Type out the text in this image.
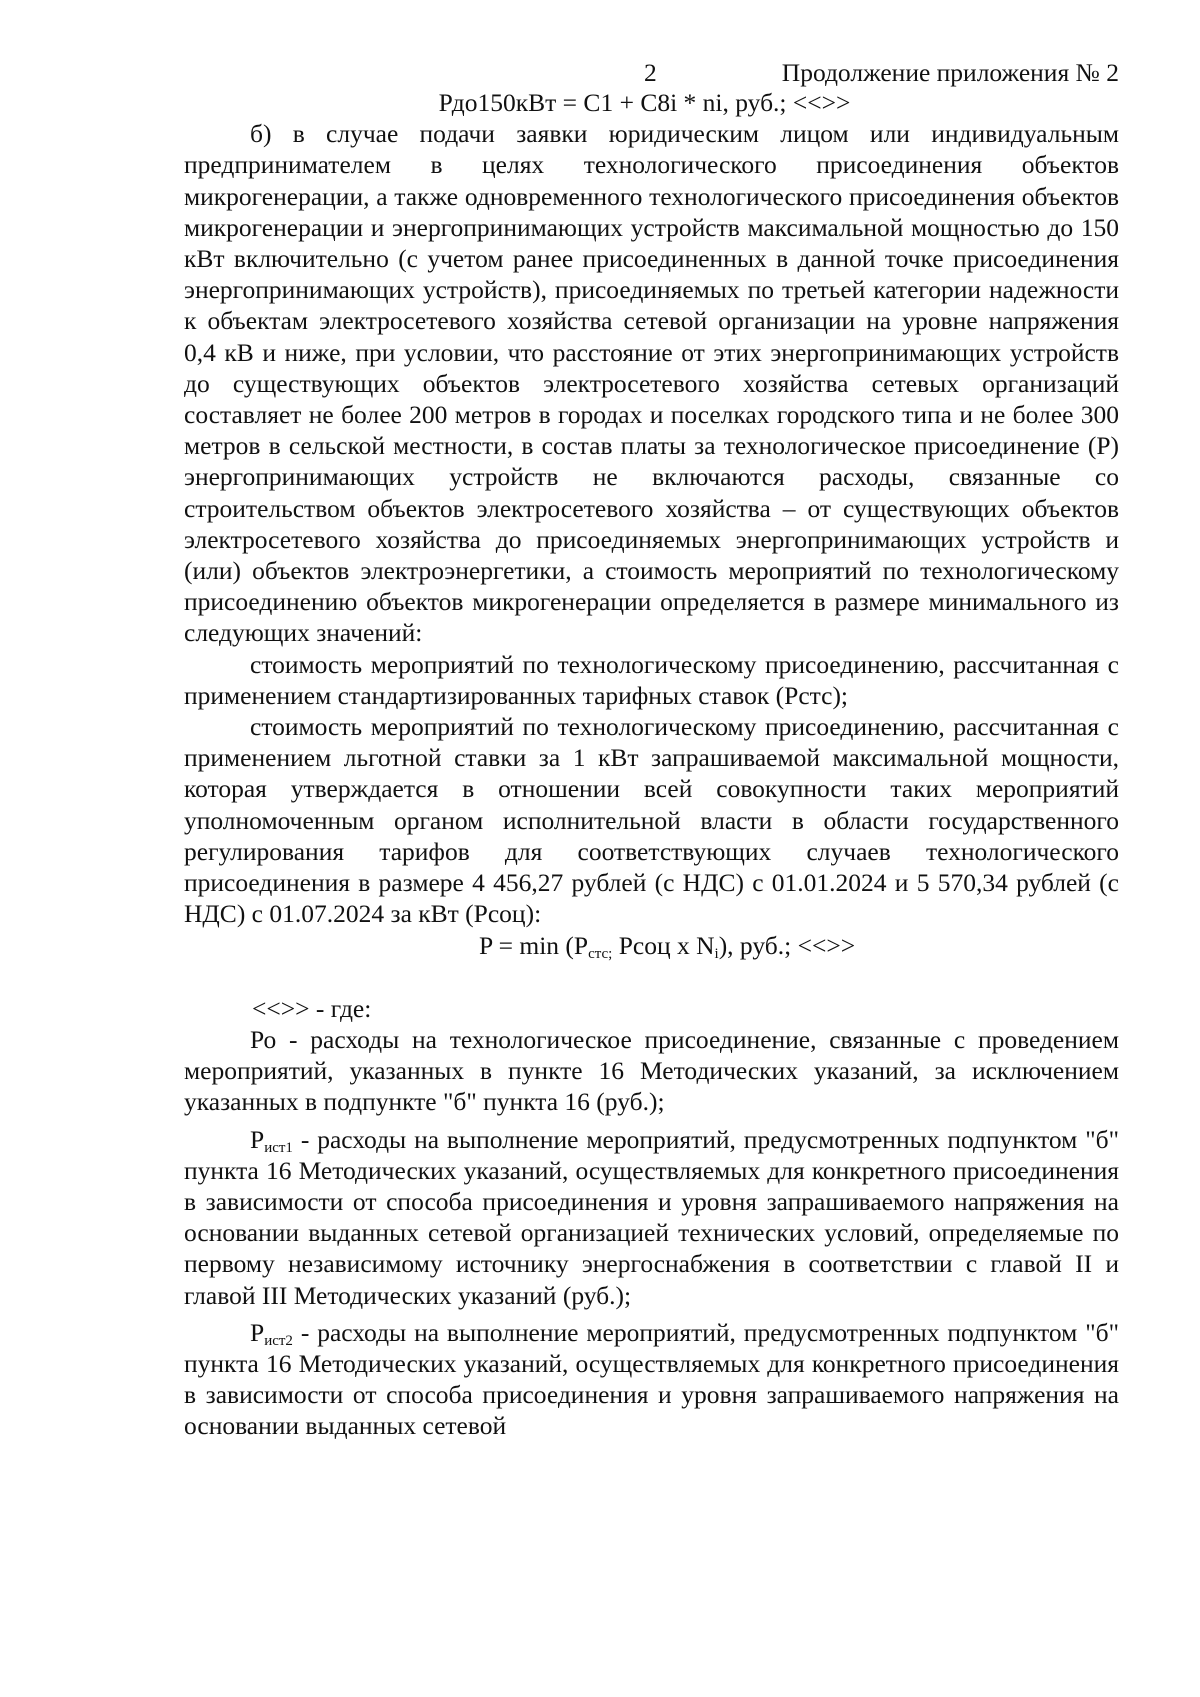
2	Продолжение приложения № 2
Рдо150кВт = С1 + С8i * ni, руб.; <<>>

б) в случае подачи заявки юридическим лицом или индивидуальным предпринимателем в целях технологического присоединения объектов микрогенерации, а также одновременного технологического присоединения объектов микрогенерации и энергопринимающих устройств максимальной мощностью до 150 кВт включительно (с учетом ранее присоединенных в данной точке присоединения энергопринимающих устройств), присоединяемых по третьей категории надежности к объектам электросетевого хозяйства сетевой организации на уровне напряжения 0,4 кВ и ниже, при условии, что расстояние от этих энергопринимающих устройств до существующих объектов электросетевого хозяйства сетевых организаций составляет не более 200 метров в городах и поселках городского типа и не более 300 метров в сельской местности, в состав платы за технологическое присоединение (Р) энергопринимающих устройств не включаются расходы, связанные со строительством объектов электросетевого хозяйства – от существующих объектов электросетевого хозяйства до присоединяемых энергопринимающих устройств и (или) объектов электроэнергетики, а стоимость мероприятий по технологическому присоединению объектов микрогенерации определяется в размере минимального из следующих значений:

стоимость мероприятий по технологическому присоединению, рассчитанная с применением стандартизированных тарифных ставок (Рстс);

стоимость мероприятий по технологическому присоединению, рассчитанная с применением льготной ставки за 1 кВт запрашиваемой максимальной мощности, которая утверждается в отношении всей совокупности таких мероприятий уполномоченным органом исполнительной власти в области государственного регулирования тарифов для соответствующих случаев технологического присоединения в размере 4 456,27 рублей (с НДС) с 01.01.2024 и 5 570,34 рублей (с НДС) с 01.07.2024 за кВт (Рсоц):

$P = \min (P_{стс;}$ Рсоц x $N_i$), руб.; <<>>
<<>> - где:

Ро - расходы на технологическое присоединение, связанные с проведением мероприятий, указанных в пункте 16 Методических указаний, за исключением указанных в подпункте "б" пункта 16 (руб.);

$Р_{ист1}$ - расходы на выполнение мероприятий, предусмотренных подпунктом "б" пункта 16 Методических указаний, осуществляемых для конкретного присоединения в зависимости от способа присоединения и уровня запрашиваемого напряжения на основании выданных сетевой организацией технических условий, определяемые по первому независимому источнику энергоснабжения в соответствии с главой II и главой III Методических указаний (руб.);

$Р_{ист2}$ - расходы на выполнение мероприятий, предусмотренных подпунктом "б" пункта 16 Методических указаний, осуществляемых для конкретного присоединения в зависимости от способа присоединения и уровня запрашиваемого напряжения на основании выданных сетевой
